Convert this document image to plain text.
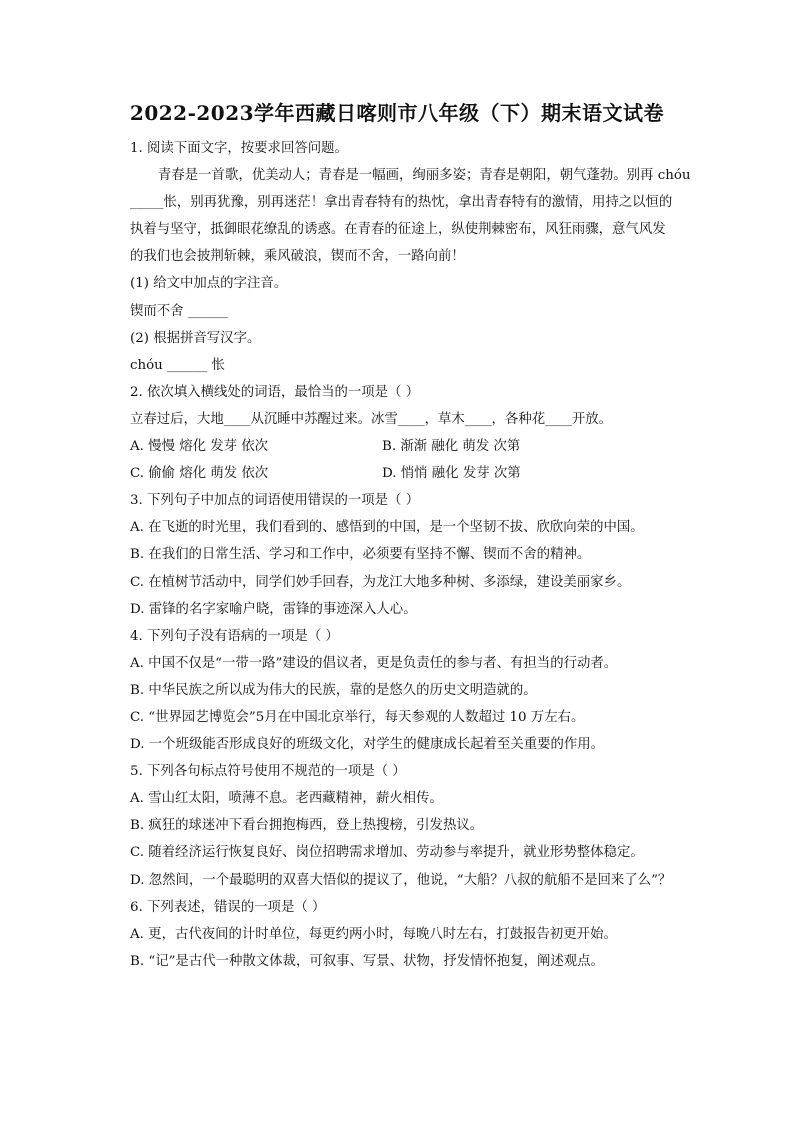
2022-2023学年西藏日喀则市八年级（下）期末语文试卷
1. 阅读下面文字，按要求回答问题。
青春是一首歌，优美动人；青春是一幅画，绚丽多姿；青春是朝阳，朝气蓬勃。别再 chóu
_____怅，别再犹豫，别再迷茫！拿出青春特有的热忱，拿出青春特有的激情，用持之以恒的
执着与坚守，抵御眼花缭乱的诱惑。在青春的征途上，纵使荆棘密布，风狂雨骤，意气风发
的我们也会披荆斩棘，乘风破浪，锲而不舍，一路向前！
(1) 给文中加点的字注音。
锲而不舍 ______
(2) 根据拼音写汉字。
chóu ______ 怅
2. 依次填入横线处的词语，最恰当的一项是（ ）
立春过后，大地____从沉睡中苏醒过来。冰雪____，草木____，各种花____开放。
A. 慢慢 熔化 发芽 依次	B. 渐渐 融化 萌发 次第
C. 偷偷 熔化 萌发 依次	D. 悄悄 融化 发芽 次第
3. 下列句子中加点的词语使用错误的一项是（ ）
A. 在飞逝的时光里，我们看到的、感悟到的中国，是一个坚韧不拔、欣欣向荣的中国。
B. 在我们的日常生活、学习和工作中，必须要有坚持不懈、锲而不舍的精神。
C. 在植树节活动中，同学们妙手回春，为龙江大地多种树、多添绿，建设美丽家乡。
D. 雷锋的名字家喻户晓，雷锋的事迹深入人心。
4. 下列句子没有语病的一项是（ ）
A. 中国不仅是“一带一路”建设的倡议者，更是负责任的参与者、有担当的行动者。
B. 中华民族之所以成为伟大的民族，靠的是悠久的历史文明造就的。
C. “世界园艺博览会”5月在中国北京举行，每天参观的人数超过 10 万左右。
D. 一个班级能否形成良好的班级文化，对学生的健康成长起着至关重要的作用。
5. 下列各句标点符号使用不规范的一项是（ ）
A. 雪山红太阳，喷薄不息。老西藏精神，薪火相传。
B. 疯狂的球迷冲下看台拥抱梅西，登上热搜榜，引发热议。
C. 随着经济运行恢复良好、岗位招聘需求增加、劳动参与率提升，就业形势整体稳定。
D. 忽然间，一个最聪明的双喜大悟似的提议了，他说，“大船？八叔的航船不是回来了么”？
6. 下列表述，错误的一项是（ ）
A. 更，古代夜间的计时单位，每更约两小时，每晚八时左右，打鼓报告初更开始。
B. “记”是古代一种散文体裁，可叙事、写景、状物，抒发情怀抱复，阐述观点。
